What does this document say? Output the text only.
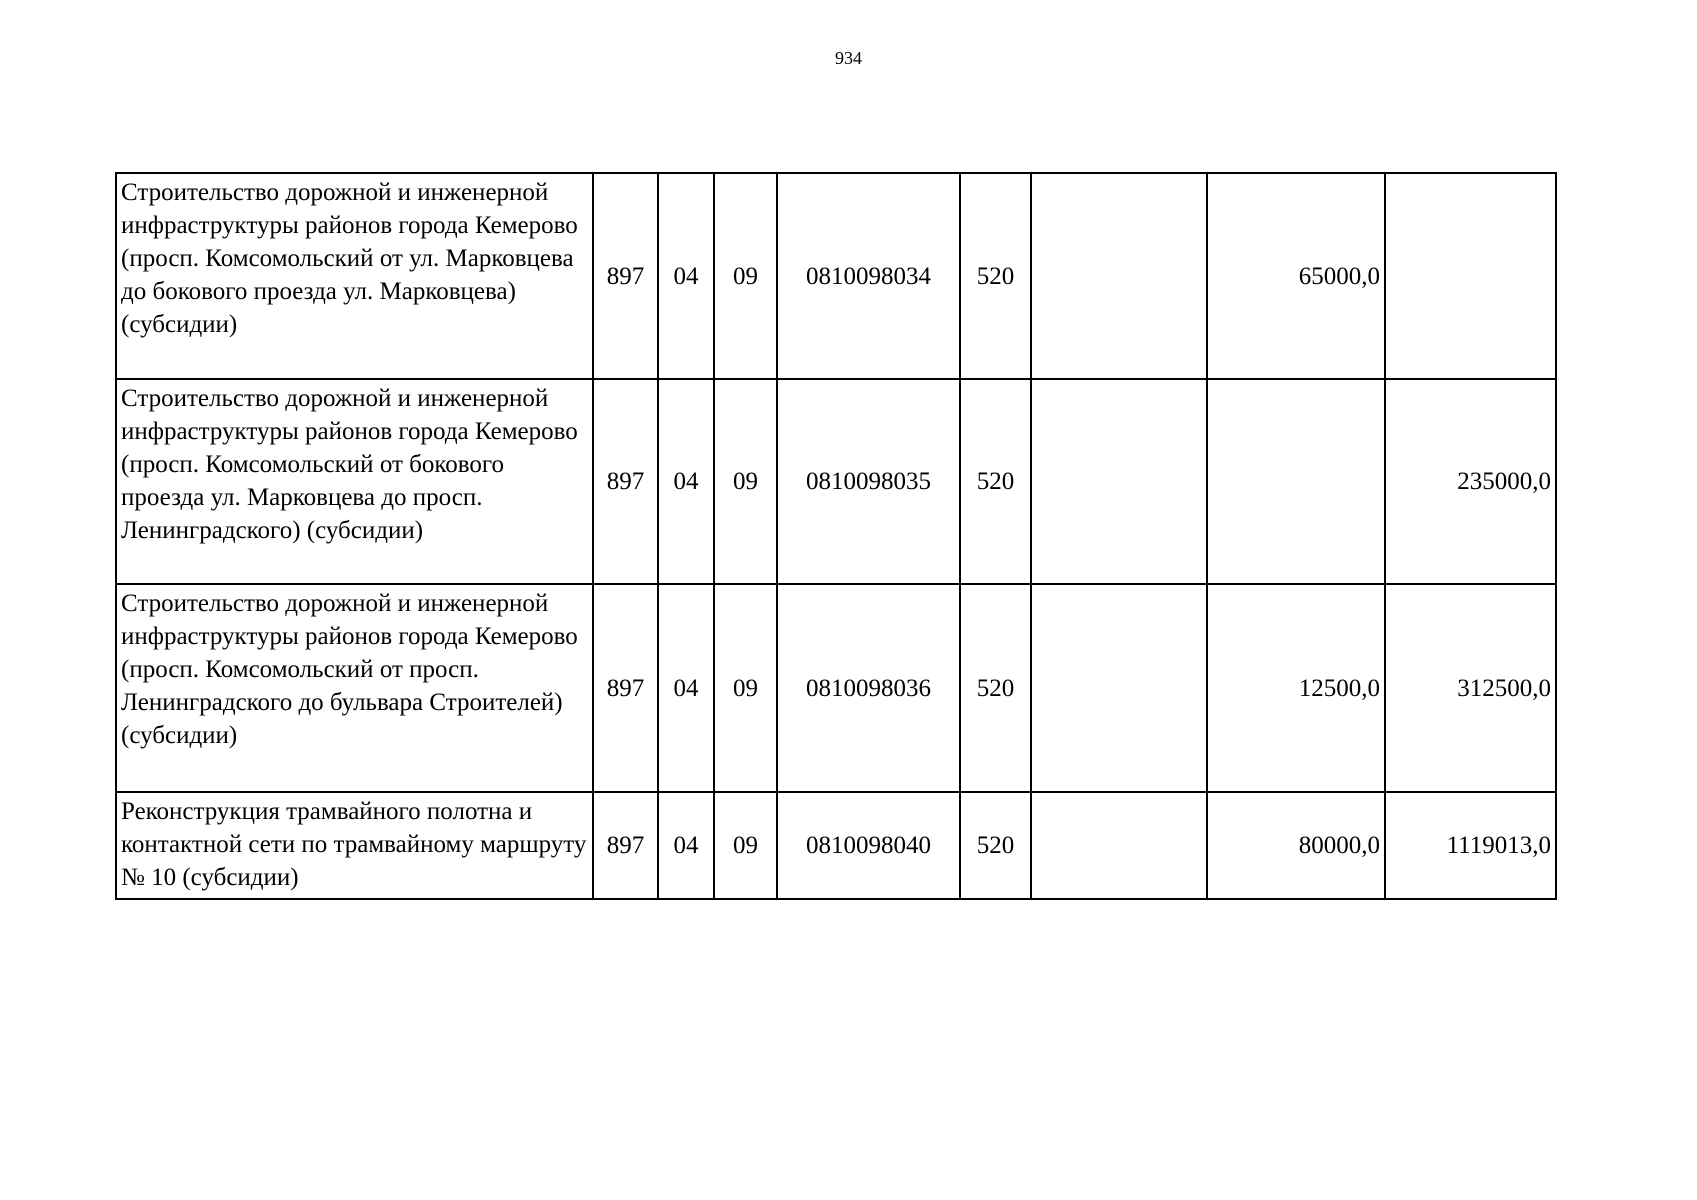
934
Строительство дорожной и инженерной инфраструктуры районов города Кемерово (просп. Комсомольский от ул. Марковцева до бокового проезда ул. Марковцева) (субсидии)	897	04	09	0810098034	520		65000,0	
Строительство дорожной и инженерной инфраструктуры районов города Кемерово (просп. Комсомольский от бокового проезда ул. Марковцева до просп. Ленинградского) (субсидии)	897	04	09	0810098035	520			235000,0
Строительство дорожной и инженерной инфраструктуры районов города Кемерово (просп. Комсомольский от просп. Ленинградского до бульвара Строителей) (субсидии)	897	04	09	0810098036	520		12500,0	312500,0
Реконструкция трамвайного полотна и контактной сети по трамвайному маршруту № 10 (субсидии)	897	04	09	0810098040	520		80000,0	1119013,0
